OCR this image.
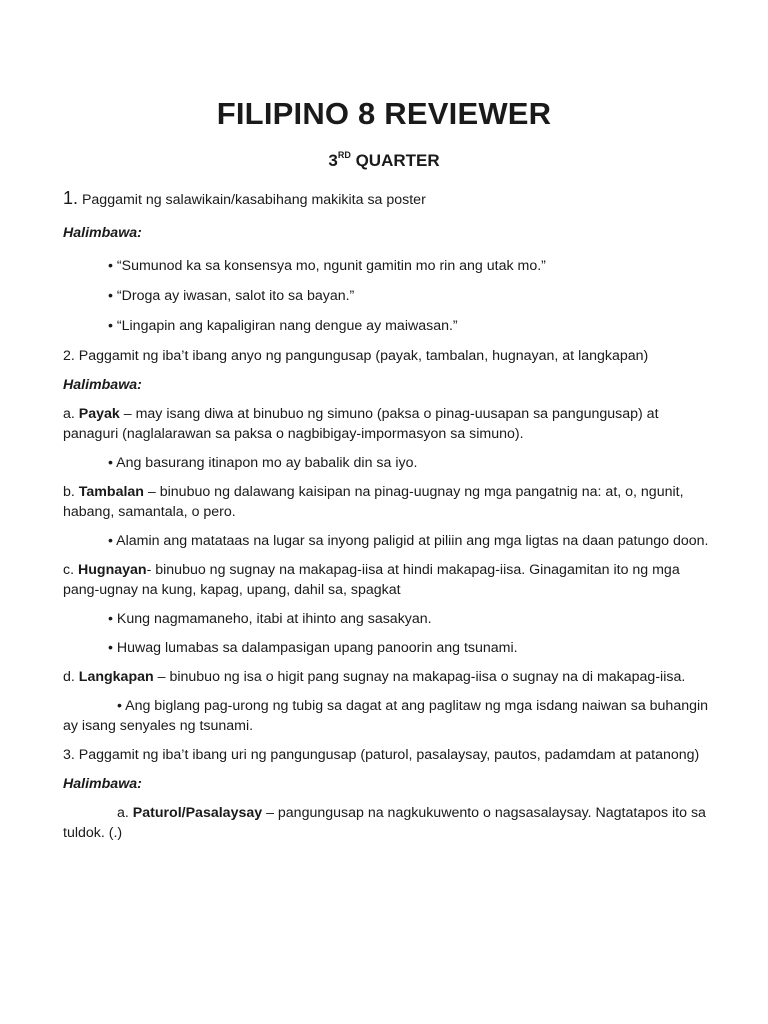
FILIPINO 8 REVIEWER
3RD QUARTER

1. Paggamit ng salawikain/kasabihang makikita sa poster

Halimbawa:

• “Sumunod ka sa konsensya mo, ngunit gamitin mo rin ang utak mo.”

• “Droga ay iwasan, salot ito sa bayan.”

• “Lingapin ang kapaligiran nang dengue ay maiwasan.”

2. Paggamit ng iba’t ibang anyo ng pangungusap (payak, tambalan, hugnayan, at langkapan)

Halimbawa:

a. Payak – may isang diwa at binubuo ng simuno (paksa o pinag-uusapan sa pangungusap) at panaguri (naglalarawan sa paksa o nagbibigay-impormasyon sa simuno).

• Ang basurang itinapon mo ay babalik din sa iyo.

b. Tambalan – binubuo ng dalawang kaisipan na pinag-uugnay ng mga pangatnig na: at, o, ngunit, habang, samantala, o pero.

• Alamin ang matataas na lugar sa inyong paligid at piliin ang mga ligtas na daan patungo doon.

c. Hugnayan- binubuo ng sugnay na makapag-iisa at hindi makapag-iisa. Ginagamitan ito ng mga pang-ugnay na kung, kapag, upang, dahil sa, spagkat

• Kung nagmamaneho, itabi at ihinto ang sasakyan.

• Huwag lumabas sa dalampasigan upang panoorin ang tsunami.

d. Langkapan – binubuo ng isa o higit pang sugnay na makapag-iisa o sugnay na di makapag-iisa.

• Ang biglang pag-urong ng tubig sa dagat at ang paglitaw ng mga isdang naiwan sa buhangin ay isang senyales ng tsunami.

3. Paggamit ng iba’t ibang uri ng pangungusap (paturol, pasalaysay, pautos, padamdam at patanong)

Halimbawa:

a. Paturol/Pasalaysay – pangungusap na nagkukuwento o nagsasalaysay. Nagtatapos ito sa tuldok. (.)
